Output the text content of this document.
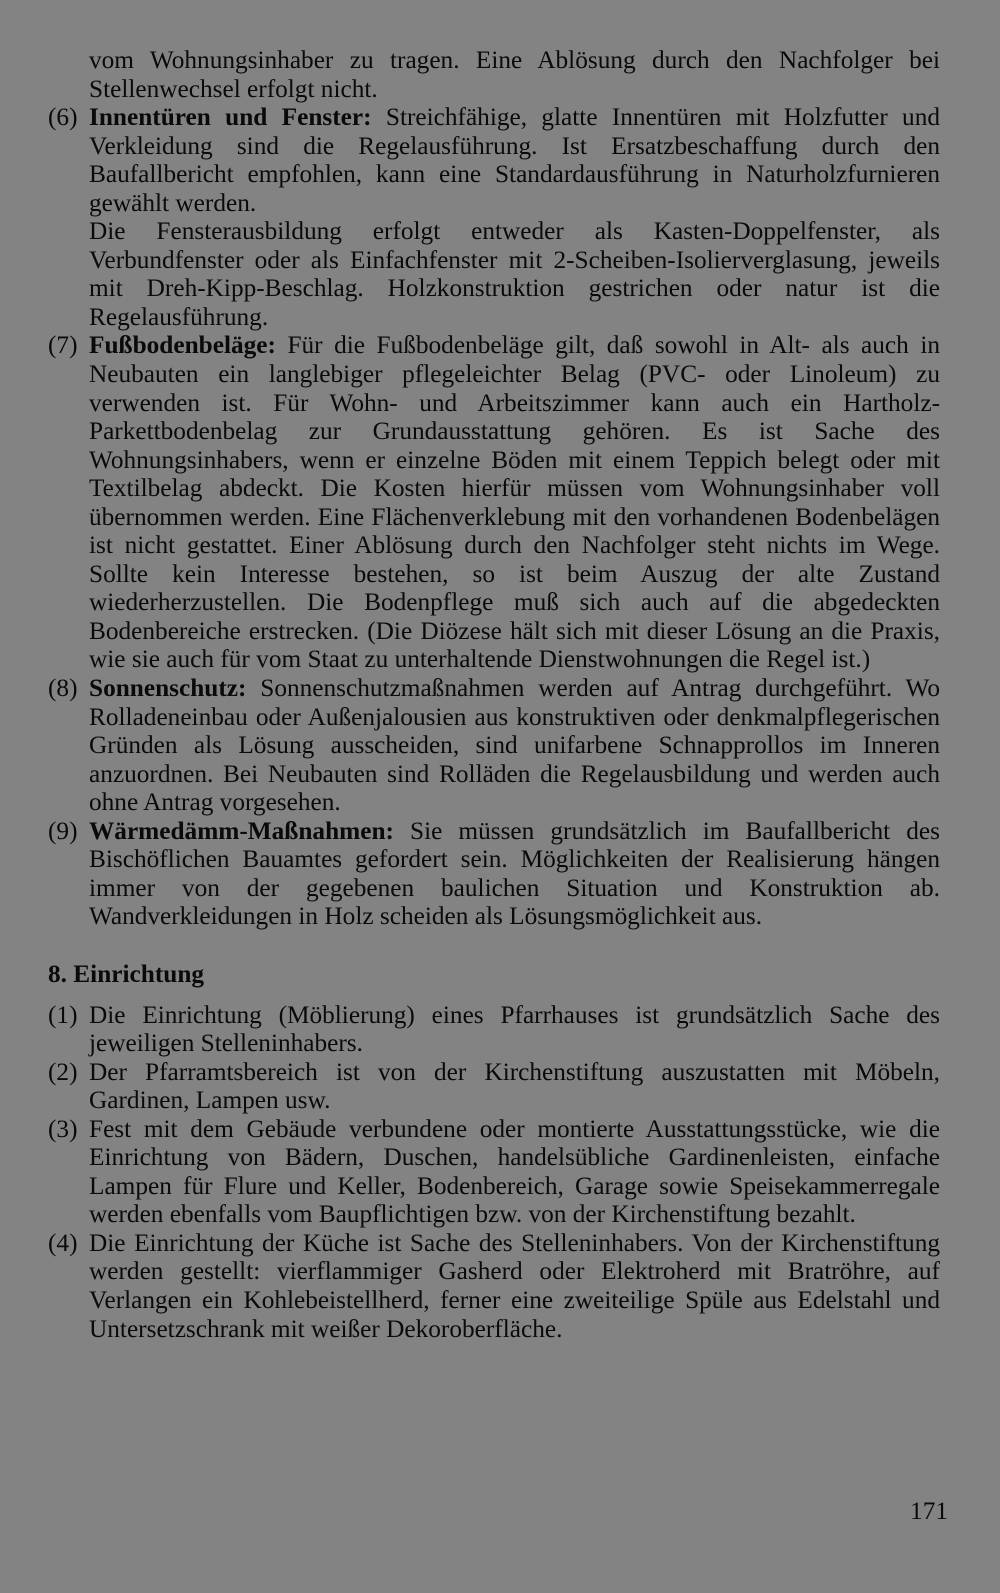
vom Wohnungsinhaber zu tragen. Eine Ablösung durch den Nachfolger bei Stellenwechsel erfolgt nicht.
(6) Innentüren und Fenster: Streichfähige, glatte Innentüren mit Holzfutter und Verkleidung sind die Regelausführung. Ist Ersatzbeschaffung durch den Baufallbericht empfohlen, kann eine Standardausführung in Naturholzfurnieren gewählt werden.
Die Fensterausbildung erfolgt entweder als Kasten-Doppelfenster, als Verbundfenster oder als Einfachfenster mit 2-Scheiben-Isolierverglasung, jeweils mit Dreh-Kipp-Beschlag. Holzkonstruktion gestrichen oder natur ist die Regelausführung.
(7) Fußbodenbeläge: Für die Fußbodenbeläge gilt, daß sowohl in Alt- als auch in Neubauten ein langlebiger pflegeleichter Belag (PVC- oder Linoleum) zu verwenden ist. Für Wohn- und Arbeitszimmer kann auch ein Hartholz-Parkettbodenbelag zur Grundausstattung gehören. Es ist Sache des Wohnungsinhabers, wenn er einzelne Böden mit einem Teppich belegt oder mit Textilbelag abdeckt. Die Kosten hierfür müssen vom Wohnungsinhaber voll übernommen werden. Eine Flächenverklebung mit den vorhandenen Bodenbelägen ist nicht gestattet. Einer Ablösung durch den Nachfolger steht nichts im Wege. Sollte kein Interesse bestehen, so ist beim Auszug der alte Zustand wiederherzustellen. Die Bodenpflege muß sich auch auf die abgedeckten Bodenbereiche erstrecken. (Die Diözese hält sich mit dieser Lösung an die Praxis, wie sie auch für vom Staat zu unterhaltende Dienstwohnungen die Regel ist.)
(8) Sonnenschutz: Sonnenschutzmaßnahmen werden auf Antrag durchgeführt. Wo Rolladeneinbau oder Außenjalousien aus konstruktiven oder denkmalpflegerischen Gründen als Lösung ausscheiden, sind unifarbene Schnapprollos im Inneren anzuordnen. Bei Neubauten sind Rolläden die Regelausbildung und werden auch ohne Antrag vorgesehen.
(9) Wärmedämm-Maßnahmen: Sie müssen grundsätzlich im Baufallbericht des Bischöflichen Bauamtes gefordert sein. Möglichkeiten der Realisierung hängen immer von der gegebenen baulichen Situation und Konstruktion ab. Wandverkleidungen in Holz scheiden als Lösungsmöglichkeit aus.
8. Einrichtung
(1) Die Einrichtung (Möblierung) eines Pfarrhauses ist grundsätzlich Sache des jeweiligen Stelleninhabers.
(2) Der Pfarramtsbereich ist von der Kirchenstiftung auszustatten mit Möbeln, Gardinen, Lampen usw.
(3) Fest mit dem Gebäude verbundene oder montierte Ausstattungsstücke, wie die Einrichtung von Bädern, Duschen, handelsübliche Gardinenleisten, einfache Lampen für Flure und Keller, Bodenbereich, Garage sowie Speisekammerregale werden ebenfalls vom Baupflichtigen bzw. von der Kirchenstiftung bezahlt.
(4) Die Einrichtung der Küche ist Sache des Stelleninhabers. Von der Kirchenstiftung werden gestellt: vierflammiger Gasherd oder Elektroherd mit Bratröhre, auf Verlangen ein Kohlebeistellherd, ferner eine zweiteilige Spüle aus Edelstahl und Untersetzschrank mit weißer Dekoroberfläche.
171
